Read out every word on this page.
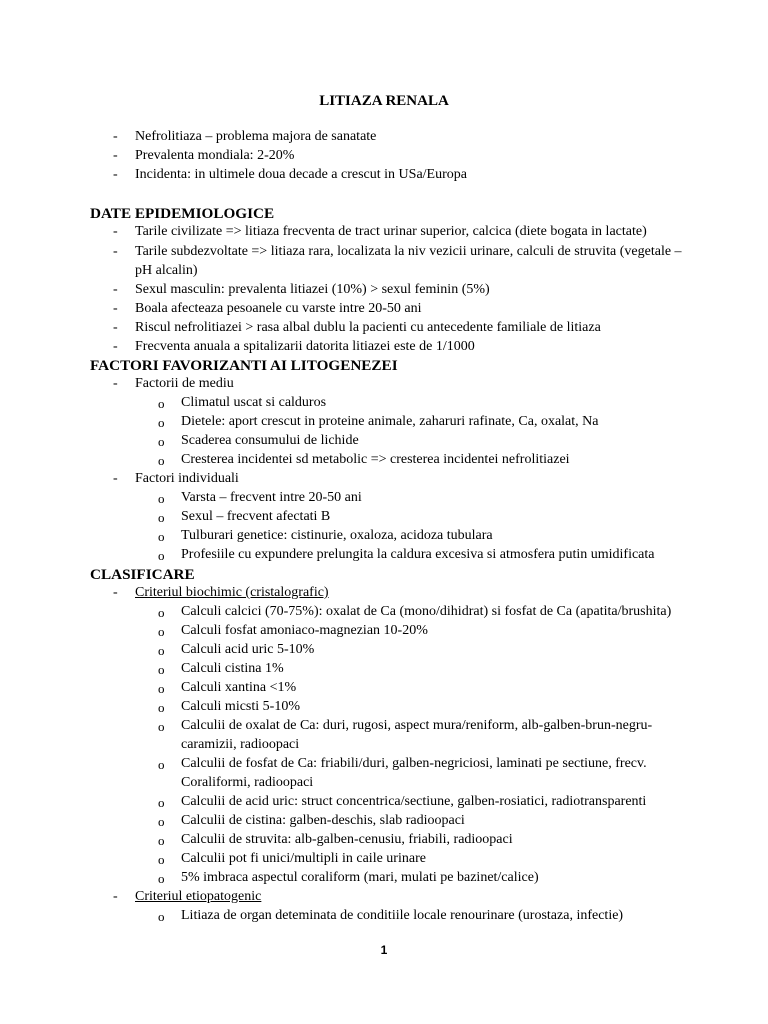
LITIAZA RENALA
- Nefrolitiaza – problema majora de sanatate
- Prevalenta mondiala: 2-20%
- Incidenta: in ultimele doua decade a crescut in USa/Europa
DATE EPIDEMIOLOGICE
- Tarile civilizate => litiaza frecventa de tract urinar superior, calcica (diete bogata in lactate)
- Tarile subdezvoltate => litiaza rara, localizata la niv vezicii urinare, calculi de struvita (vegetale –
pH alcalin)
- Sexul masculin: prevalenta litiazei (10%) > sexul feminin (5%)
- Boala afecteaza pesoanele cu varste intre 20-50 ani
- Riscul nefrolitiazei > rasa albal dublu la pacienti cu antecedente familiale de litiaza
- Frecventa anuala a spitalizarii datorita litiazei este de 1/1000
FACTORI FAVORIZANTI AI LITOGENEZEI
- Factorii de mediu
o Climatul uscat si calduros
o Dietele: aport crescut in proteine animale, zaharuri rafinate, Ca, oxalat, Na
o Scaderea consumului de lichide
o Cresterea incidentei sd metabolic => cresterea incidentei nefrolitiazei
- Factori individuali
o Varsta – frecvent intre 20-50 ani
o Sexul – frecvent afectati B
o Tulburari genetice: cistinurie, oxaloza, acidoza tubulara
o Profesiile cu expundere prelungita la caldura excesiva si atmosfera putin umidificata
CLASIFICARE
- Criteriul biochimic (cristalografic)
o Calculi calcici (70-75%): oxalat de Ca (mono/dihidrat) si fosfat de Ca (apatita/brushita)
o Calculi fosfat amoniaco-magnezian 10-20%
o Calculi acid uric 5-10%
o Calculi cistina 1%
o Calculi xantina <1%
o Calculi micsti 5-10%
o Calculii de oxalat de Ca: duri, rugosi, aspect mura/reniform, alb-galben-brun-negru-
caramizii, radioopaci
o Calculii de fosfat de Ca: friabili/duri, galben-negriciosi, laminati pe sectiune, frecv.
Coraliformi, radioopaci
o Calculii de acid uric: struct concentrica/sectiune, galben-rosiatici, radiotransparenti
o Calculii de cistina: galben-deschis, slab radioopaci
o Calculii de struvita: alb-galben-cenusiu, friabili, radioopaci
o Calculii pot fi unici/multipli in caile urinare
o 5% imbraca aspectul coraliform (mari, mulati pe bazinet/calice)
- Criteriul etiopatogenic
o Litiaza de organ deteminata de conditiile locale renourinare (urostaza, infectie)
1
